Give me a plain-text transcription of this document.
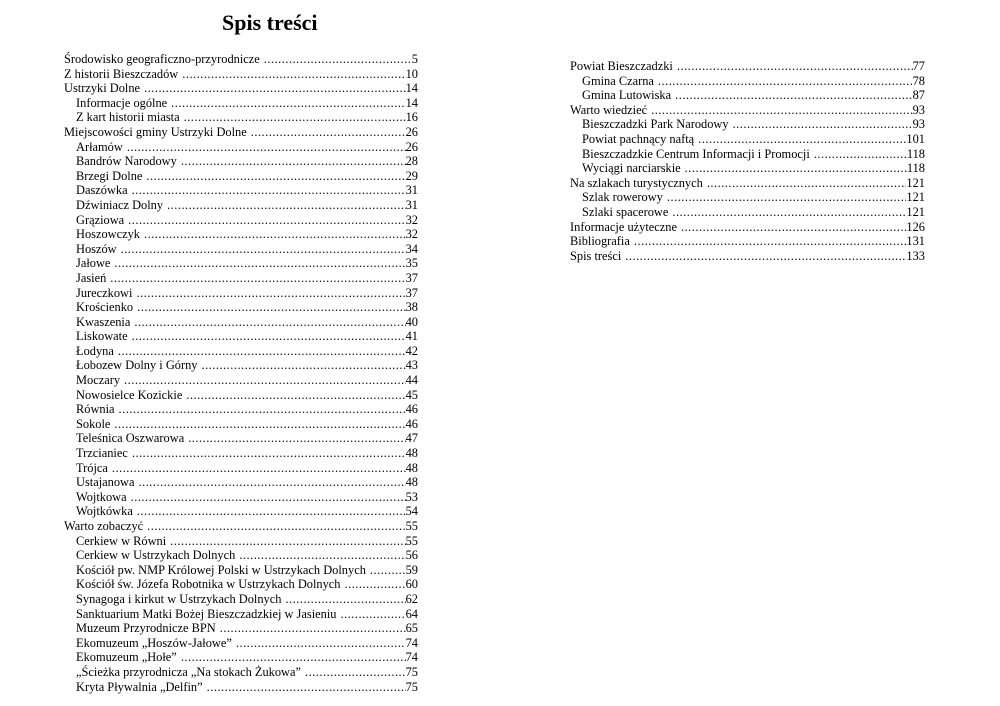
Spis treści
Środowisko geograficzno-przyrodnicze .....	5
Z historii Bieszczadów .....	10
Ustrzyki Dolne .....	14
Informacje ogólne .....	14
Z kart historii miasta .....	16
Miejscowości gminy Ustrzyki Dolne .....	26
Arłamów .....	26
Bandrów Narodowy .....	28
Brzegi Dolne .....	29
Daszówka .....	31
Dźwiniacz Dolny .....	31
Grąziowa .....	32
Hoszowczyk .....	32
Hoszów .....	34
Jałowe .....	35
Jasień .....	37
Jureczkowi .....	37
Krościenko .....	38
Kwaszenia .....	40
Liskowate .....	41
Łodyna .....	42
Łobozew Dolny i Górny .....	43
Moczary .....	44
Nowosielce Kozickie .....	45
Równia .....	46
Sokole .....	46
Teleśnica Oszwarowa .....	47
Trzcianiec .....	48
Trójca .....	48
Ustajanowa .....	48
Wojtkowa .....	53
Wojtkówka .....	54
Warto zobaczyć .....	55
Cerkiew w Równi .....	55
Cerkiew w Ustrzykach Dolnych .....	56
Kościół pw. NMP Królowej Polski w Ustrzykach Dolnych .....	59
Kościół św. Józefa Robotnika w Ustrzykach Dolnych .....	60
Synagoga i kirkut w Ustrzykach Dolnych .....	62
Sanktuarium Matki Bożej Bieszczadzkiej w Jasieniu .....	64
Muzeum Przyrodnicze BPN .....	65
Ekomuzeum „Hoszów-Jałowe” .....	74
Ekomuzeum „Hołe” .....	74
„Ścieżka przyrodnicza „Na stokach Żukowa” .....	75
Kryta Pływalnia „Delfin” .....	75
Powiat Bieszczadzki .....	77
Gmina Czarna .....	78
Gmina Lutowiska .....	87
Warto wiedzieć .....	93
Bieszczadzki Park Narodowy .....	93
Powiat pachnący naftą .....	101
Bieszczadzkie Centrum Informacji i Promocji .....	118
Wyciągi narciarskie .....	118
Na szlakach turystycznych .....	121
Szlak rowerowy .....	121
Szlaki spacerowe .....	121
Informacje użyteczne .....	126
Bibliografia .....	131
Spis treści .....	133
